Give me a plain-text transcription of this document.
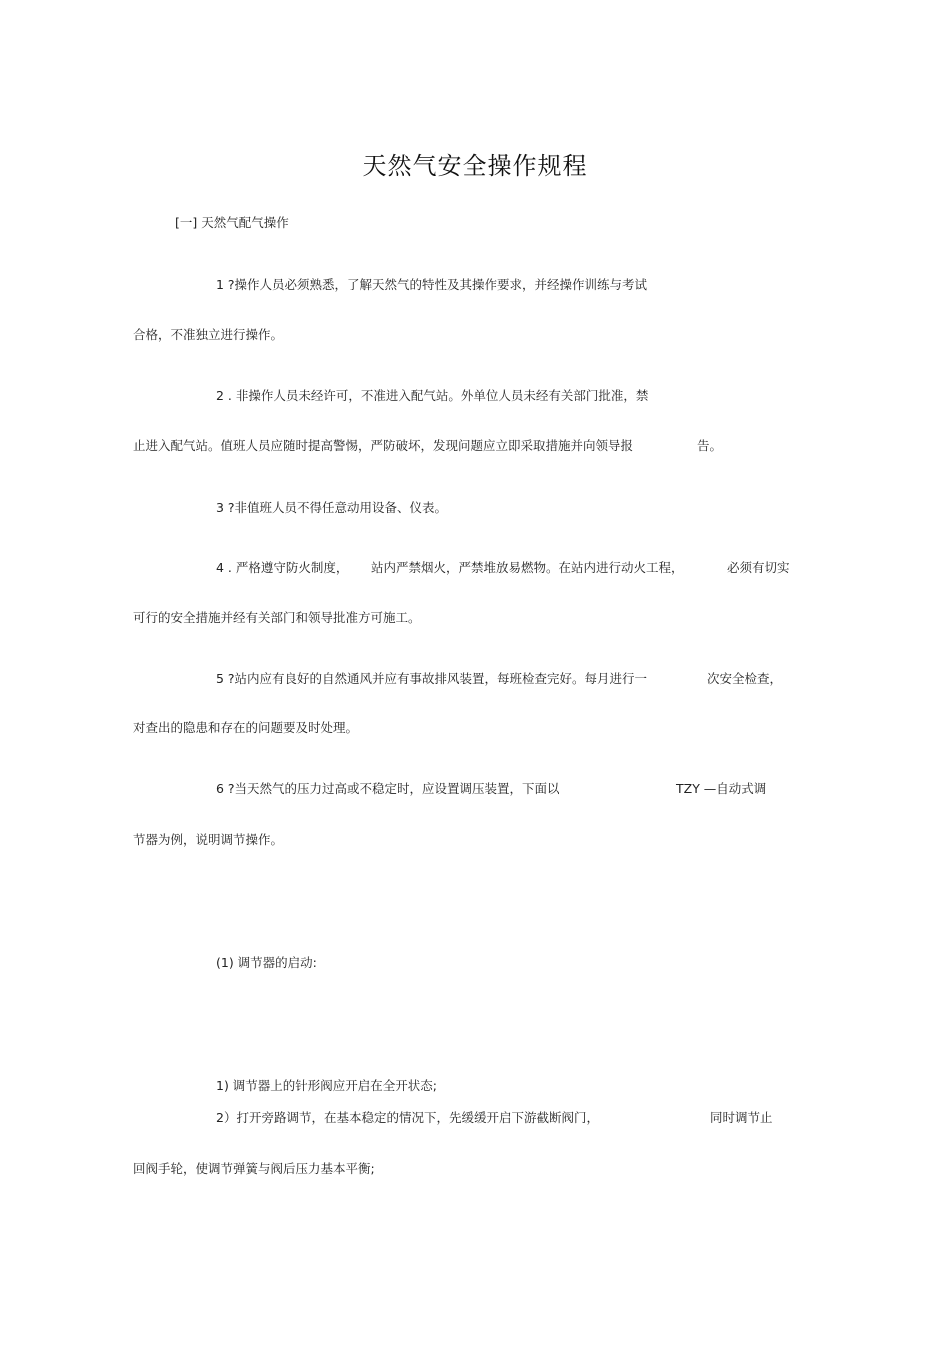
天然气安全操作规程
[一] 天然气配气操作
1 ?操作人员必须熟悉，了解天然气的特性及其操作要求，并经操作训练与考试
合格，不准独立进行操作。
2 . 非操作人员未经许可，不准进入配气站。外单位人员未经有关部门批准，禁
止进入配气站。值班人员应随时提高警惕，严防破坏，发现问题应立即采取措施并向领导报	告。
3 ?非值班人员不得任意动用设备、仪表。
4 . 严格遵守防火制度， 站内严禁烟火，严禁堆放易燃物。在站内进行动火工程，	必须有切实
可行的安全措施并经有关部门和领导批准方可施工。
5 ?站内应有良好的自然通风并应有事故排风装置，每班检查完好。每月进行一	次安全检查，
对查出的隐患和存在的问题要及时处理。
6 ?当天然气的压力过高或不稳定时，应设置调压装置，下面以	TZY —自动式调
节器为例，说明调节操作。
(1) 调节器的启动:
1) 调节器上的针形阀应开启在全开状态;
2）打开旁路调节，在基本稳定的情况下，先缓缓开启下游截断阀门，	同时调节止
回阀手轮，使调节弹簧与阀后压力基本平衡;
